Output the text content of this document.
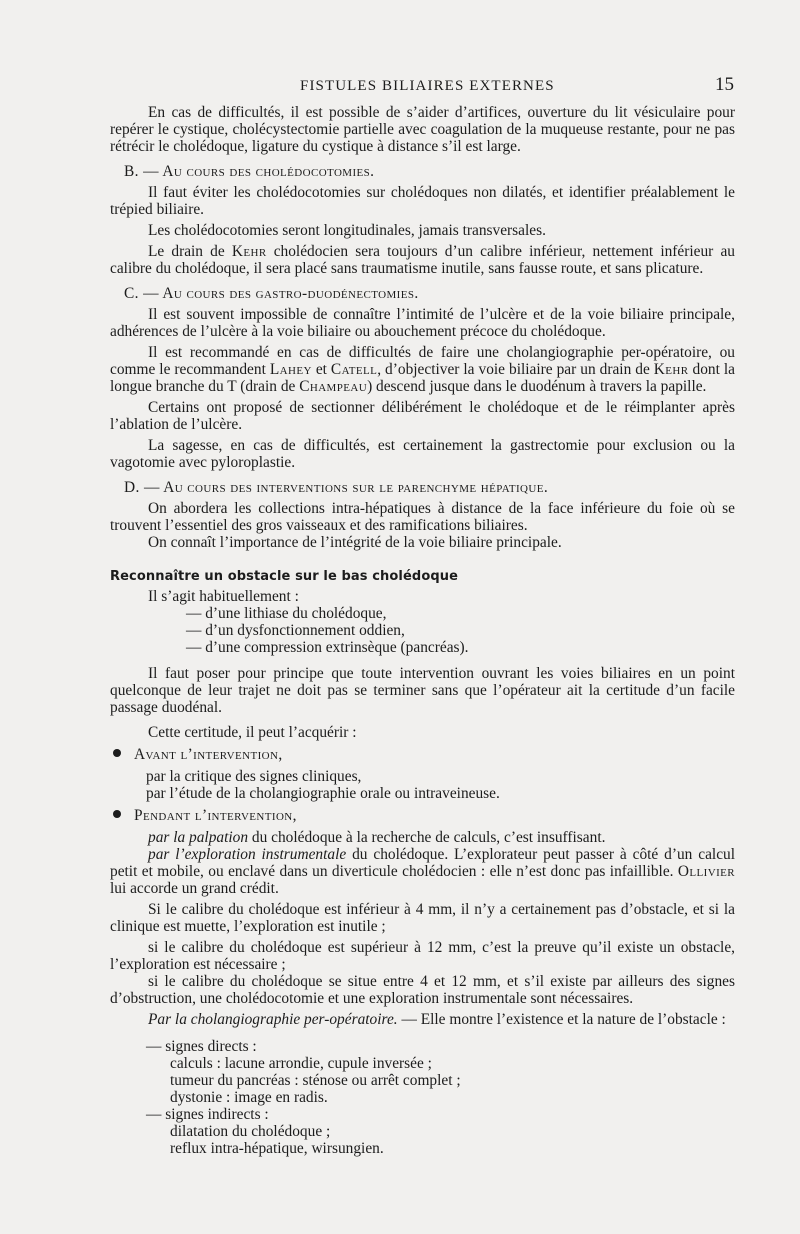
FISTULES BILIAIRES EXTERNES	15

En cas de difficultés, il est possible de s’aider d’artifices, ouverture du lit vésiculaire pour repérer le cystique, cholécystectomie partielle avec coagulation de la muqueuse restante, pour ne pas rétrécir le cholédoque, ligature du cystique à distance s’il est large.

B. — Au cours des cholédocotomies.

Il faut éviter les cholédocotomies sur cholédoques non dilatés, et identifier préalablement le trépied biliaire.

Les cholédocotomies seront longitudinales, jamais transversales.

Le drain de Kehr cholédocien sera toujours d’un calibre inférieur, nettement inférieur au calibre du cholédoque, il sera placé sans traumatisme inutile, sans fausse route, et sans plicature.

C. — Au cours des gastro-duodénectomies.

Il est souvent impossible de connaître l’intimité de l’ulcère et de la voie biliaire principale, adhérences de l’ulcère à la voie biliaire ou abouchement précoce du cholédoque.

Il est recommandé en cas de difficultés de faire une cholangiographie per-opératoire, ou comme le recommandent Lahey et Catell, d’objectiver la voie biliaire par un drain de Kehr dont la longue branche du T (drain de Champeau) descend jusque dans le duodénum à travers la papille.

Certains ont proposé de sectionner délibérément le cholédoque et de le réimplanter après l’ablation de l’ulcère.

La sagesse, en cas de difficultés, est certainement la gastrectomie pour exclusion ou la vagotomie avec pyloroplastie.

D. — Au cours des interventions sur le parenchyme hépatique.

On abordera les collections intra-hépatiques à distance de la face inférieure du foie où se trouvent l’essentiel des gros vaisseaux et des ramifications biliaires.

On connaît l’importance de l’intégrité de la voie biliaire principale.

Reconnaître un obstacle sur le bas cholédoque

Il s’agit habituellement :

— d’une lithiase du cholédoque,
— d’un dysfonctionnement oddien,
— d’une compression extrinsèque (pancréas).

Il faut poser pour principe que toute intervention ouvrant les voies biliaires en un point quelconque de leur trajet ne doit pas se terminer sans que l’opérateur ait la certitude d’un facile passage duodénal.

Cette certitude, il peut l’acquérir :

Avant l’intervention,
par la critique des signes cliniques,
par l’étude de la cholangiographie orale ou intraveineuse.
Pendant l’intervention,

par la palpation du cholédoque à la recherche de calculs, c’est insuffisant.

par l’exploration instrumentale du cholédoque. L’explorateur peut passer à côté d’un calcul petit et mobile, ou enclavé dans un diverticule cholédocien : elle n’est donc pas infaillible. Ollivier lui accorde un grand crédit.

Si le calibre du cholédoque est inférieur à 4 mm, il n’y a certainement pas d’obstacle, et si la clinique est muette, l’exploration est inutile ;

si le calibre du cholédoque est supérieur à 12 mm, c’est la preuve qu’il existe un obstacle, l’exploration est nécessaire ;

si le calibre du cholédoque se situe entre 4 et 12 mm, et s’il existe par ailleurs des signes d’obstruction, une cholédocotomie et une exploration instrumentale sont nécessaires.

Par la cholangiographie per-opératoire. — Elle montre l’existence et la nature de l’obstacle :

— signes directs :
calculs : lacune arrondie, cupule inversée ;
tumeur du pancréas : sténose ou arrêt complet ;
dystonie : image en radis.
— signes indirects :
dilatation du cholédoque ;
reflux intra-hépatique, wirsungien.
